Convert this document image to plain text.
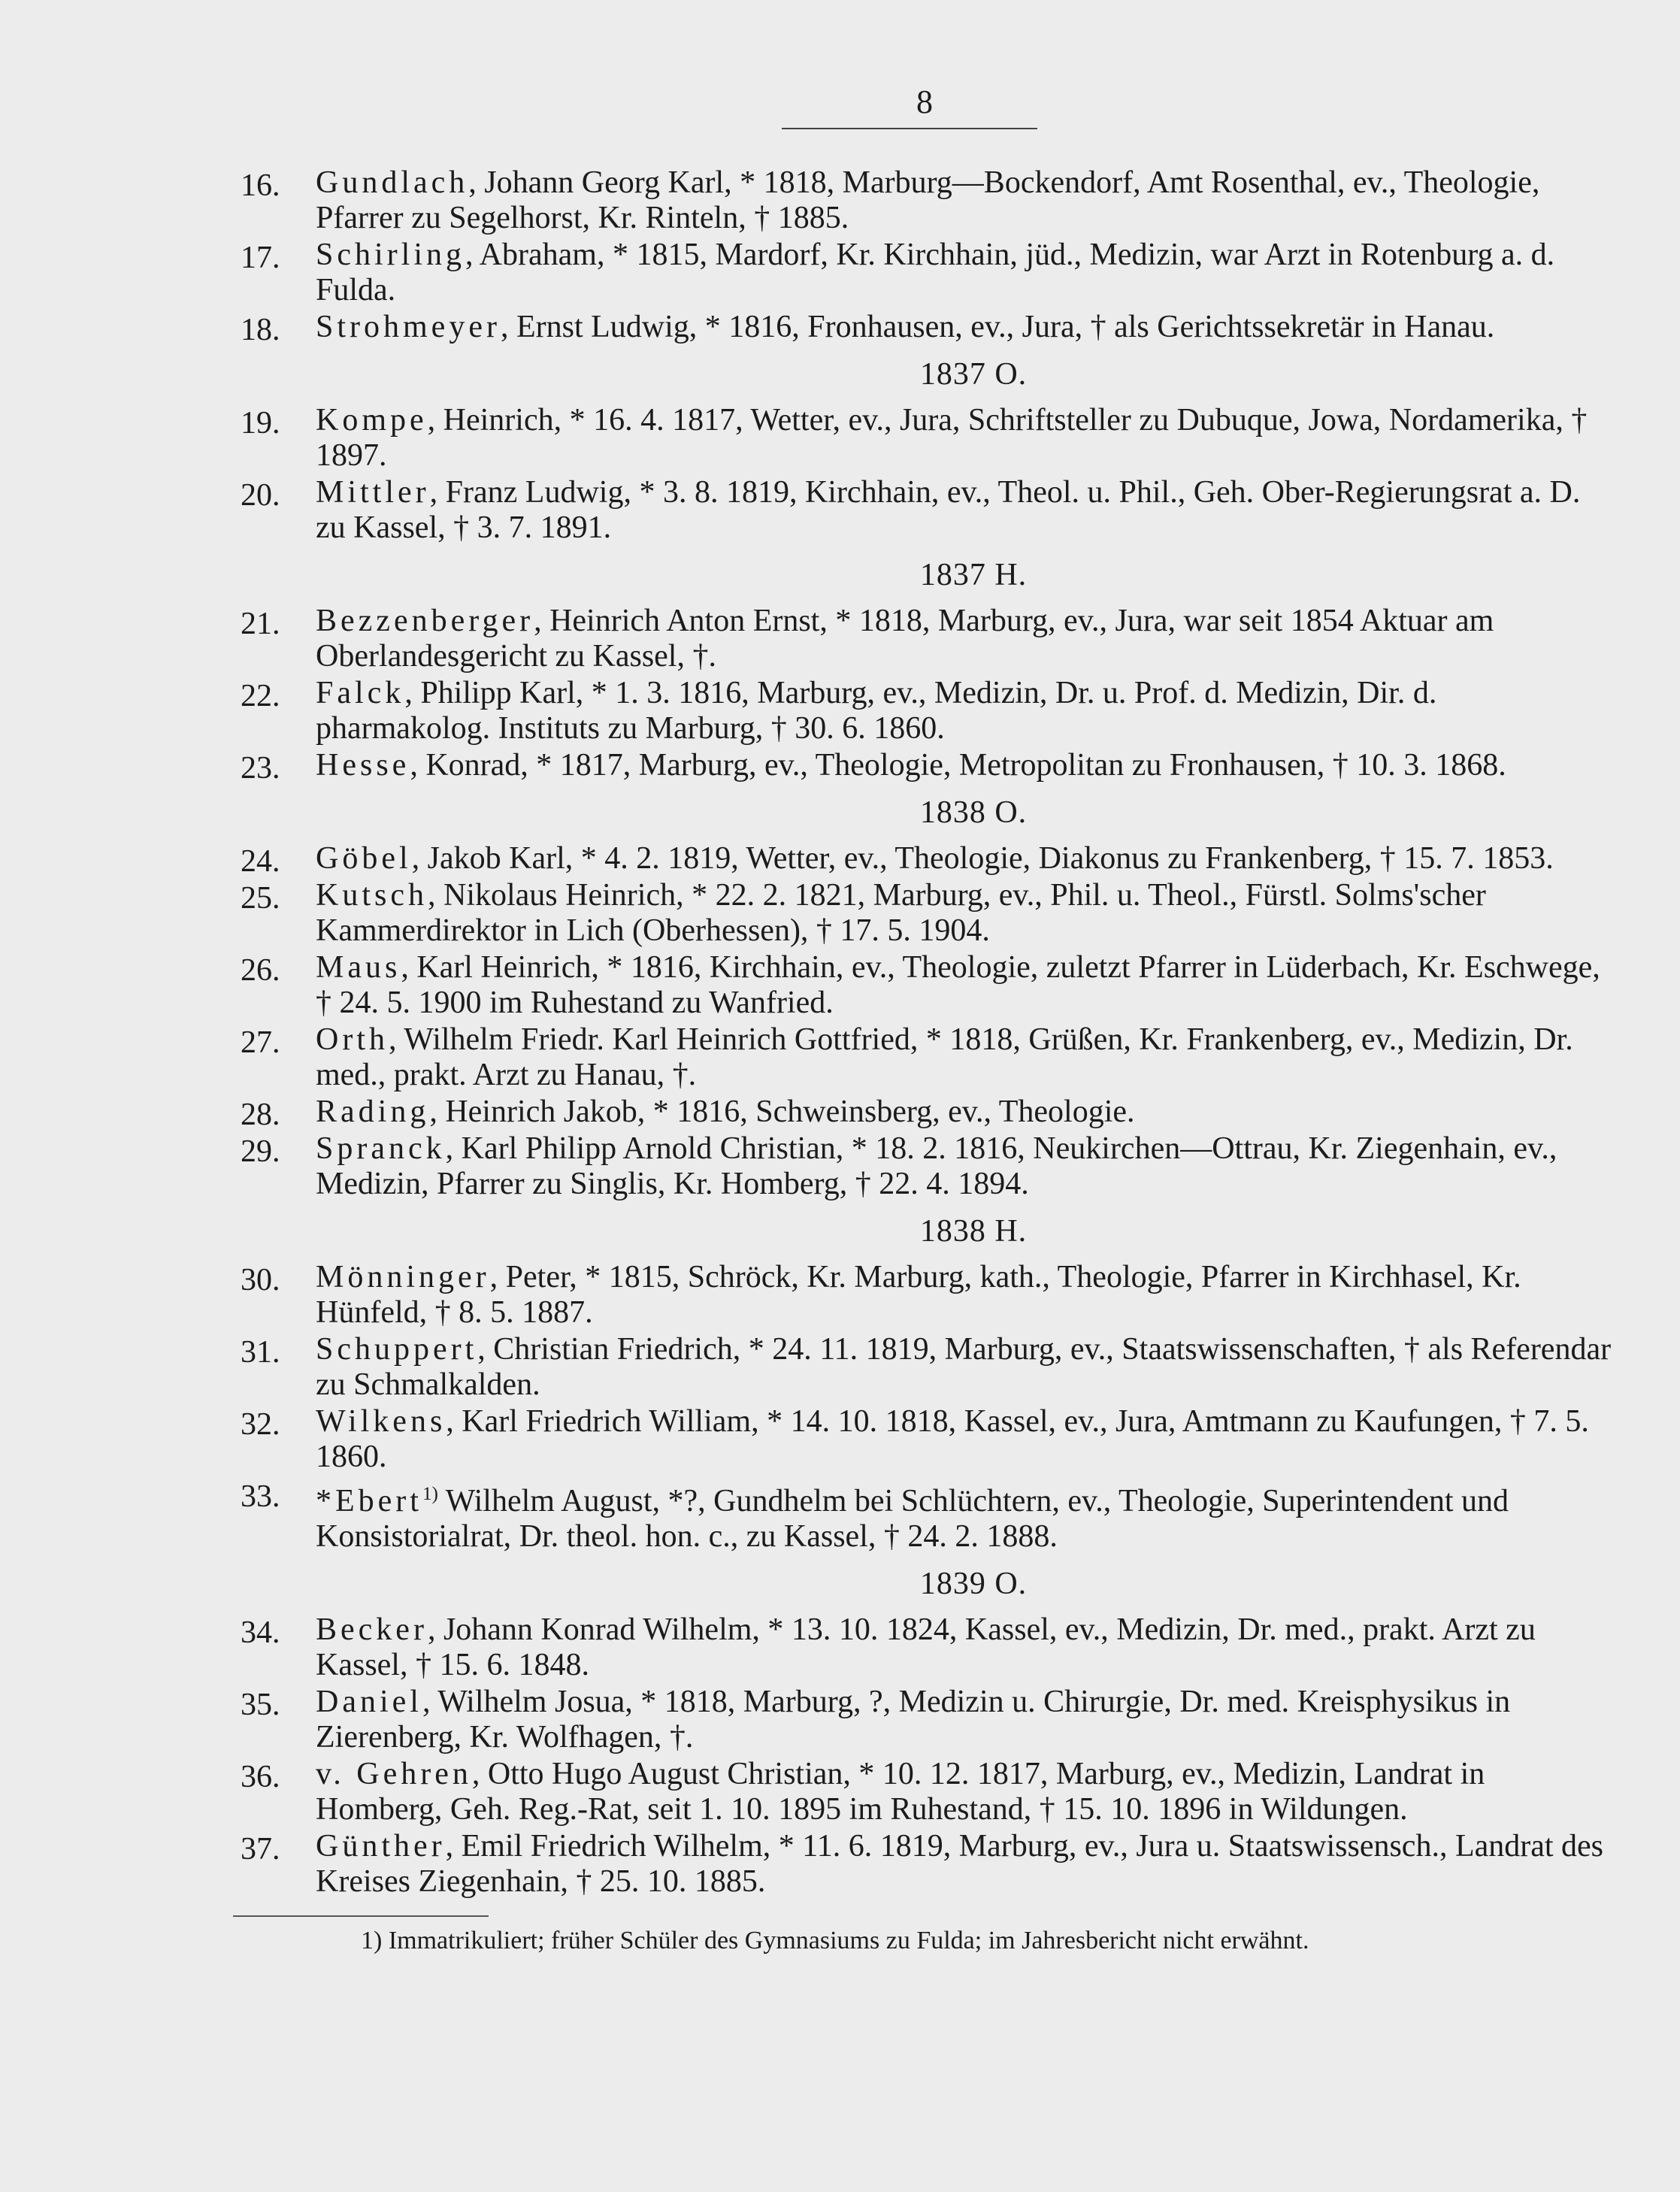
8
16. Gundlach, Johann Georg Karl, * 1818, Marburg—Bockendorf, Amt Rosenthal, ev., Theologie, Pfarrer zu Segelhorst, Kr. Rinteln, † 1885.
17. Schirling, Abraham, * 1815, Mardorf, Kr. Kirchhain, jüd., Medizin, war Arzt in Rotenburg a. d. Fulda.
18. Strohmeyer, Ernst Ludwig, * 1816, Fronhausen, ev., Jura, † als Gerichtssekretär in Hanau.
1837 O.
19. Kompe, Heinrich, * 16. 4. 1817, Wetter, ev., Jura, Schriftsteller zu Dubuque, Jowa, Nordamerika, † 1897.
20. Mittler, Franz Ludwig, * 3. 8. 1819, Kirchhain, ev., Theol. u. Phil., Geh. Ober-Regierungsrat a. D. zu Kassel, † 3. 7. 1891.
1837 H.
21. Bezzenberger, Heinrich Anton Ernst, * 1818, Marburg, ev., Jura, war seit 1854 Aktuar am Oberlandesgericht zu Kassel, †.
22. Falck, Philipp Karl, * 1. 3. 1816, Marburg, ev., Medizin, Dr. u. Prof. d. Medizin, Dir. d. pharmakolog. Instituts zu Marburg, † 30. 6. 1860.
23. Hesse, Konrad, * 1817, Marburg, ev., Theologie, Metropolitan zu Fronhausen, † 10. 3. 1868.
1838 O.
24. Göbel, Jakob Karl, * 4. 2. 1819, Wetter, ev., Theologie, Diakonus zu Frankenberg, † 15. 7. 1853.
25. Kutsch, Nikolaus Heinrich, * 22. 2. 1821, Marburg, ev., Phil. u. Theol., Fürstl. Solms'scher Kammerdirektor in Lich (Oberhessen), † 17. 5. 1904.
26. Maus, Karl Heinrich, * 1816, Kirchhain, ev., Theologie, zuletzt Pfarrer in Lüderbach, Kr. Eschwege, † 24. 5. 1900 im Ruhestand zu Wanfried.
27. Orth, Wilhelm Friedr. Karl Heinrich Gottfried, * 1818, Grüßen, Kr. Frankenberg, ev., Medizin, Dr. med., prakt. Arzt zu Hanau, †.
28. Rading, Heinrich Jakob, * 1816, Schweinsberg, ev., Theologie.
29. Spranck, Karl Philipp Arnold Christian, * 18. 2. 1816, Neukirchen—Ottrau, Kr. Ziegenhain, ev., Medizin, Pfarrer zu Singlis, Kr. Homberg, † 22. 4. 1894.
1838 H.
30. Mönninger, Peter, * 1815, Schröck, Kr. Marburg, kath., Theologie, Pfarrer in Kirchhasel, Kr. Hünfeld, † 8. 5. 1887.
31. Schuppert, Christian Friedrich, * 24. 11. 1819, Marburg, ev., Staatswissenschaften, † als Referendar zu Schmalkalden.
32. Wilkens, Karl Friedrich William, * 14. 10. 1818, Kassel, ev., Jura, Amtmann zu Kaufungen, † 7. 5. 1860.
33. *Ebert$^{1)}$ Wilhelm August, *?, Gundhelm bei Schlüchtern, ev., Theologie, Superintendent und Konsistorialrat, Dr. theol. hon. c., zu Kassel, † 24. 2. 1888.
1839 O.
34. Becker, Johann Konrad Wilhelm, * 13. 10. 1824, Kassel, ev., Medizin, Dr. med., prakt. Arzt zu Kassel, † 15. 6. 1848.
35. Daniel, Wilhelm Josua, * 1818, Marburg, ?, Medizin u. Chirurgie, Dr. med. Kreisphysikus in Zierenberg, Kr. Wolfhagen, †.
36. v. Gehren, Otto Hugo August Christian, * 10. 12. 1817, Marburg, ev., Medizin, Landrat in Homberg, Geh. Reg.-Rat, seit 1. 10. 1895 im Ruhestand, † 15. 10. 1896 in Wildungen.
37. Günther, Emil Friedrich Wilhelm, * 11. 6. 1819, Marburg, ev., Jura u. Staatswissensch., Landrat des Kreises Ziegenhain, † 25. 10. 1885.
1) Immatrikuliert; früher Schüler des Gymnasiums zu Fulda; im Jahresbericht nicht erwähnt.
